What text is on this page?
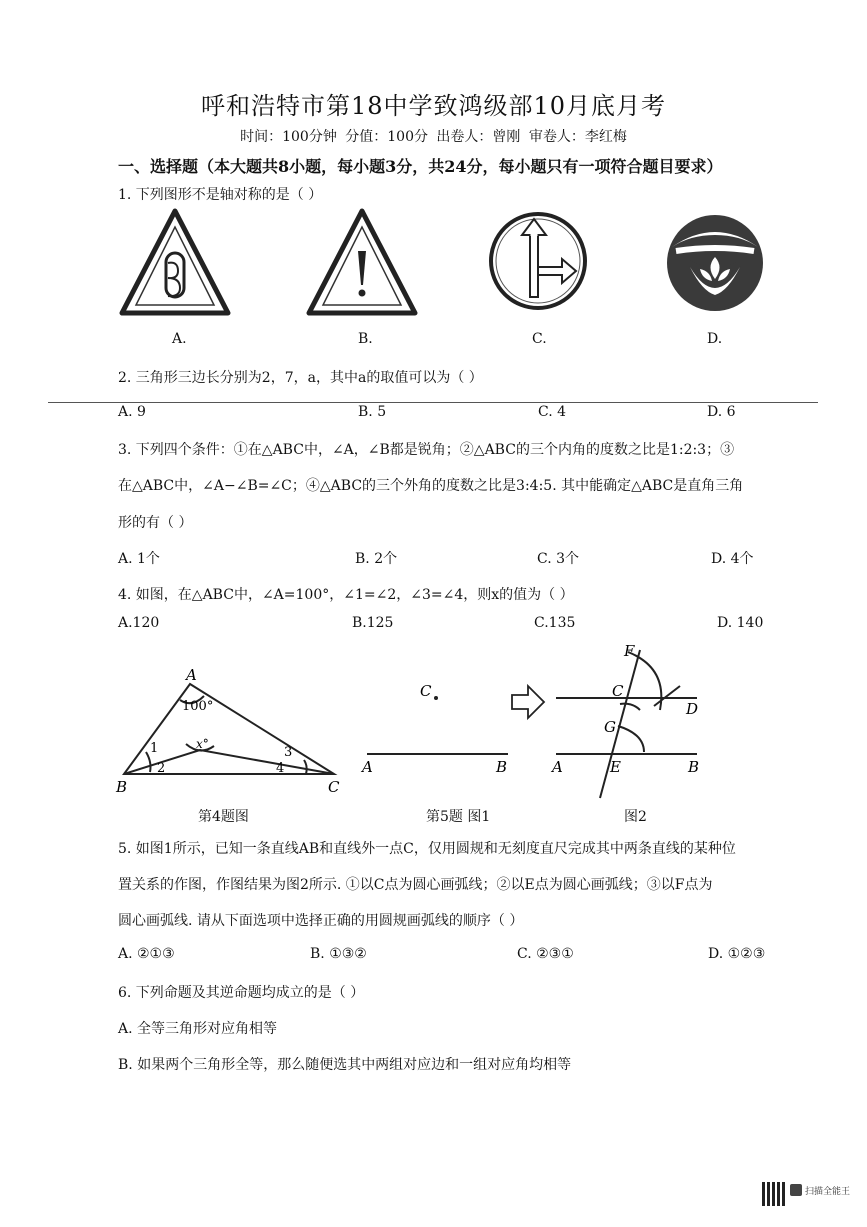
呼和浩特市第18中学致鸿级部10月底月考
时间：100分钟 分值：100分 出卷人：曾刚 审卷人：李红梅
一、选择题（本大题共8小题，每小题3分，共24分，每小题只有一项符合题目要求）
1. 下列图形不是轴对称的是（ ）
A.	B.	C.	D.
2. 三角形三边长分别为2，7，a，其中a的取值可以为（ ）
A. 9	B. 5	C. 4	D. 6
3. 下列四个条件：①在△ABC中，∠A，∠B都是锐角；②△ABC的三个内角的度数之比是1:2:3；③
在△ABC中，∠A−∠B=∠C；④△ABC的三个外角的度数之比是3:4:5. 其中能确定△ABC是直角三角
形的有（ ）
A. 1个	B. 2个	C. 3个	D. 4个
4. 如图，在△ABC中，∠A=100°，∠1=∠2，∠3=∠4，则x的值为（ ）
A.120	B.125	C.135	D. 140
A
100°
x°
1
2
3
4
B	C
C
A	B
F
C
G
D
A	E	B
第4题图	第5题 图1	图2
5. 如图1所示，已知一条直线AB和直线外一点C，仅用圆规和无刻度直尺完成其中两条直线的某种位
置关系的作图，作图结果为图2所示. ①以C点为圆心画弧线；②以E点为圆心画弧线；③以F点为
圆心画弧线. 请从下面选项中选择正确的用圆规画弧线的顺序（ ）
A. ②①③	B. ①③②	C. ②③①	D. ①②③
6. 下列命题及其逆命题均成立的是（ ）
A. 全等三角形对应角相等
B. 如果两个三角形全等，那么随便选其中两组对应边和一组对应角均相等
扫描全能王
